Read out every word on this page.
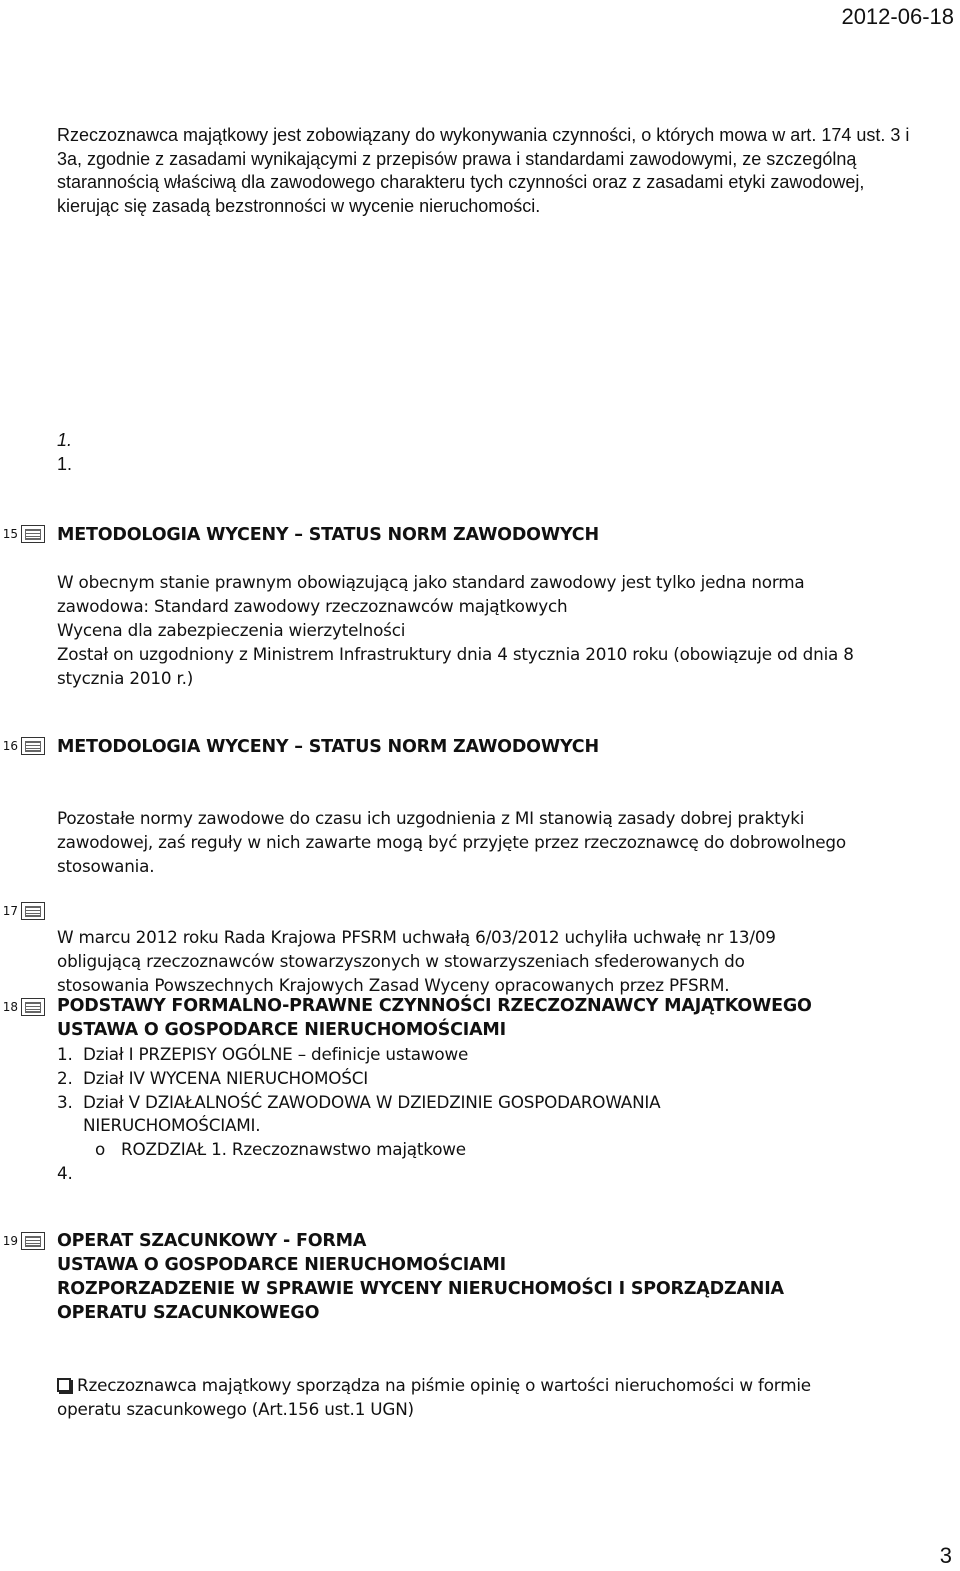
2012-06-18

Rzeczoznawca majątkowy jest zobowiązany do wykonywania czynności, o których mowa w art. 174 ust. 3 i 3a, zgodnie z zasadami wynikającymi z przepisów prawa i standardami zawodowymi, ze szczególną starannością właściwą dla zawodowego charakteru tych czynności oraz z zasadami etyki zawodowej, kierując się zasadą bezstronności w wycenie nieruchomości.

1.

1.

15 METODOLOGIA WYCENY – STATUS NORM ZAWODOWYCH

W obecnym stanie prawnym obowiązującą jako standard zawodowy jest tylko jedna norma zawodowa: Standard zawodowy rzeczoznawców majątkowych

Wycena dla zabezpieczenia wierzytelności

Został on uzgodniony z Ministrem Infrastruktury dnia 4 stycznia 2010 roku (obowiązuje od dnia 8 stycznia 2010 r.)

16 METODOLOGIA WYCENY – STATUS NORM ZAWODOWYCH

Pozostałe normy zawodowe do czasu ich uzgodnienia z MI stanowią zasady dobrej praktyki zawodowej, zaś reguły w nich zawarte mogą być przyjęte przez rzeczoznawcę do dobrowolnego stosowania.

17

W marcu 2012 roku Rada Krajowa PFSRM uchwałą 6/03/2012 uchyliła uchwałę nr 13/09 obligującą rzeczoznawców stowarzyszonych w stowarzyszeniach sfederowanych do stosowania Powszechnych Krajowych Zasad Wyceny opracowanych przez PFSRM.

18 PODSTAWY FORMALNO-PRAWNE CZYNNOŚCI RZECZOZNAWCY MAJĄTKOWEGO

USTAWA O GOSPODARCE NIERUCHOMOŚCIAMI

1. Dział I PRZEPISY OGÓLNE – definicje ustawowe

2. Dział IV WYCENA NIERUCHOMOŚCI

3. Dział V DZIAŁALNOŚĆ ZAWODOWA W DZIEDZINIE GOSPODAROWANIA

NIERUCHOMOŚCIAMI.

o ROZDZIAŁ 1. Rzeczoznawstwo majątkowe

4.

19 OPERAT SZACUNKOWY - FORMA

USTAWA O GOSPODARCE NIERUCHOMOŚCIAMI

ROZPORZADZENIE W SPRAWIE WYCENY NIERUCHOMOŚCI I SPORZĄDZANIA

OPERATU SZACUNKOWEGO

Rzeczoznawca majątkowy sporządza na piśmie opinię o wartości nieruchomości w formie operatu szacunkowego (Art.156 ust.1 UGN)

3
